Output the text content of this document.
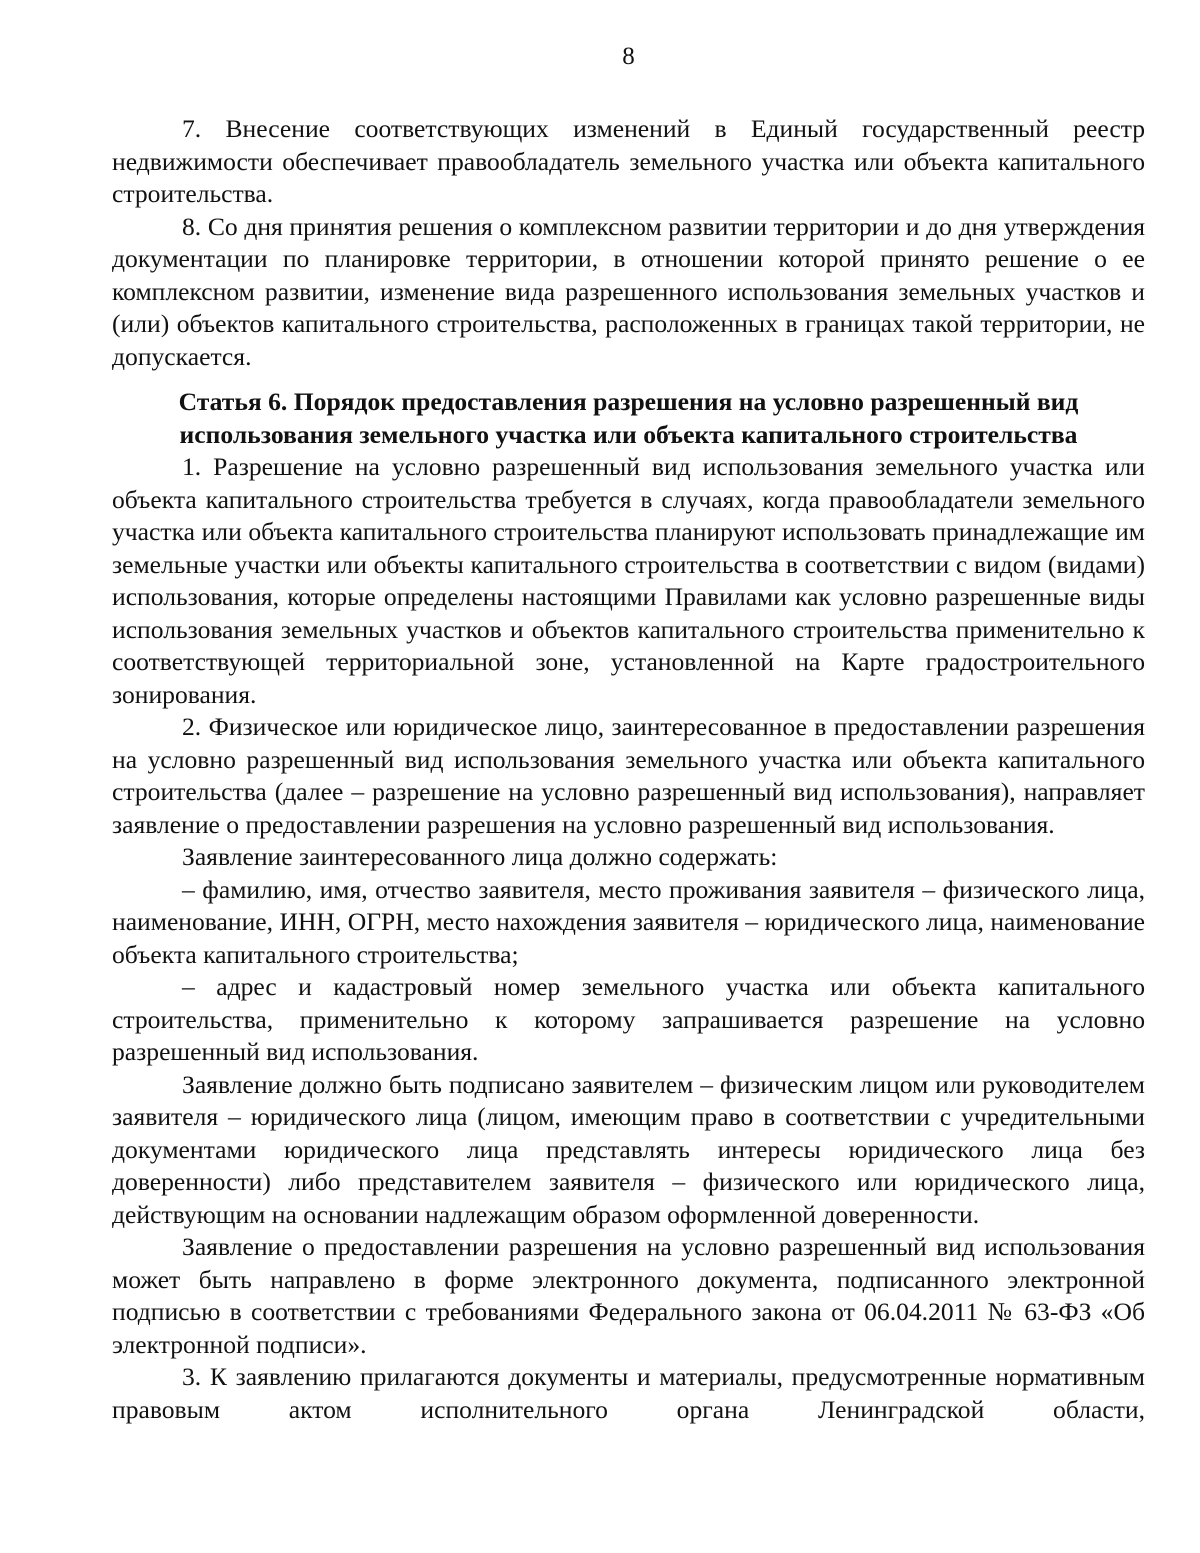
8

7. Внесение соответствующих изменений в Единый государственный реестр недвижимости обеспечивает правообладатель земельного участка или объекта капитального строительства.

8. Со дня принятия решения о комплексном развитии территории и до дня утверждения документации по планировке территории, в отношении которой принято решение о ее комплексном развитии, изменение вида разрешенного использования земельных участков и (или) объектов капитального строительства, расположенных в границах такой территории, не допускается.

Статья 6. Порядок предоставления разрешения на условно разрешенный вид
использования земельного участка или объекта капитального строительства

1. Разрешение на условно разрешенный вид использования земельного участка или объекта капитального строительства требуется в случаях, когда правообладатели земельного участка или объекта капитального строительства планируют использовать принадлежащие им земельные участки или объекты капитального строительства в соответствии с видом (видами) использования, которые определены настоящими Правилами как условно разрешенные виды использования земельных участков и объектов капитального строительства применительно к соответствующей территориальной зоне, установленной на Карте градостроительного зонирования.

2. Физическое или юридическое лицо, заинтересованное в предоставлении разрешения на условно разрешенный вид использования земельного участка или объекта капитального строительства (далее – разрешение на условно разрешенный вид использования), направляет заявление о предоставлении разрешения на условно разрешенный вид использования.

Заявление заинтересованного лица должно содержать:

– фамилию, имя, отчество заявителя, место проживания заявителя – физического лица, наименование, ИНН, ОГРН, место нахождения заявителя – юридического лица, наименование объекта капитального строительства;

– адрес и кадастровый номер земельного участка или объекта капитального строительства, применительно к которому запрашивается разрешение на условно разрешенный вид использования.

Заявление должно быть подписано заявителем – физическим лицом или руководителем заявителя – юридического лица (лицом, имеющим право в соответствии с учредительными документами юридического лица представлять интересы юридического лица без доверенности) либо представителем заявителя – физического или юридического лица, действующим на основании надлежащим образом оформленной доверенности.

Заявление о предоставлении разрешения на условно разрешенный вид использования может быть направлено в форме электронного документа, подписанного электронной подписью в соответствии с требованиями Федерального закона от 06.04.2011 № 63-ФЗ «Об электронной подписи».

3. К заявлению прилагаются документы и материалы, предусмотренные нормативным правовым актом исполнительного органа Ленинградской области,
